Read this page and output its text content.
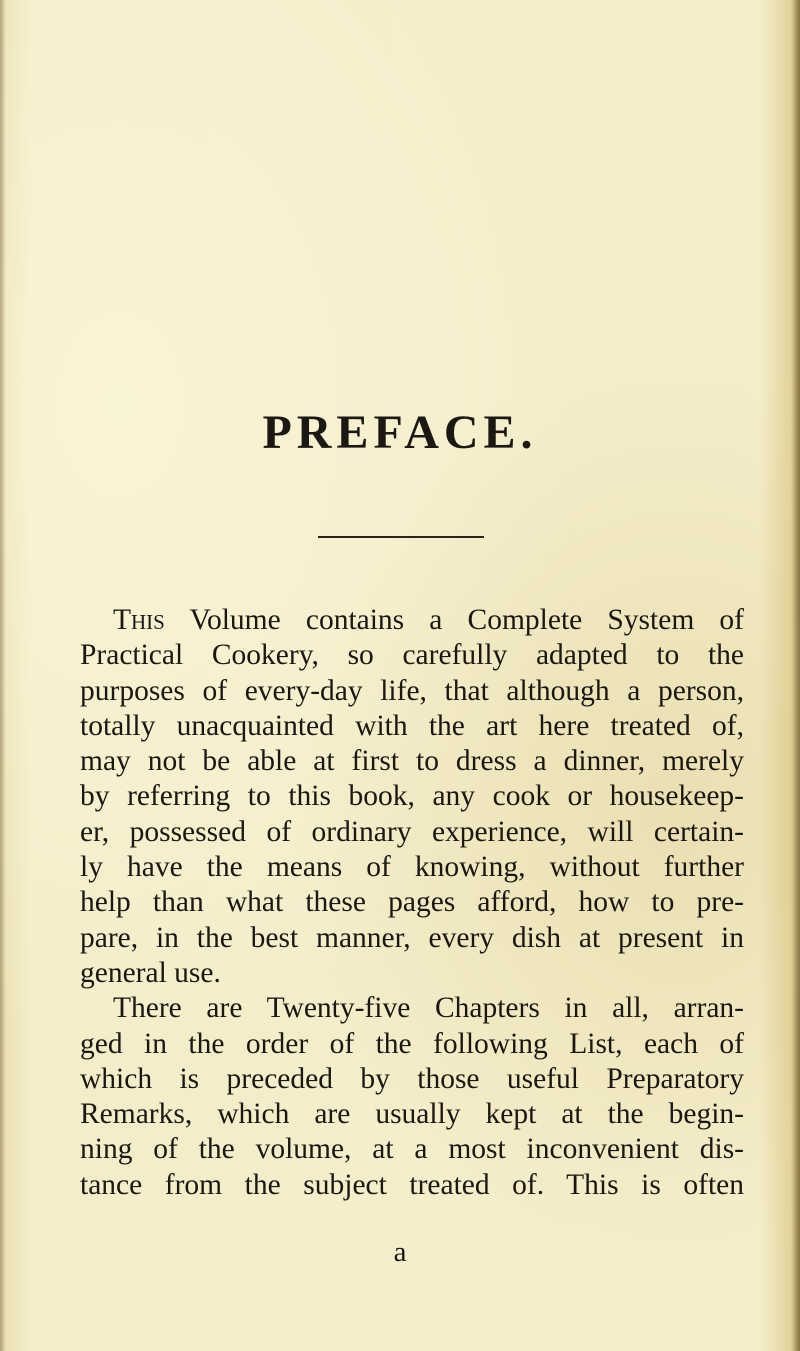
PREFACE.
This Volume contains a Complete System of
Practical Cookery, so carefully adapted to the
purposes of every-day life, that although a person,
totally unacquainted with the art here treated of,
may not be able at first to dress a dinner, merely
by referring to this book, any cook or housekeep-
er, possessed of ordinary experience, will certain-
ly have the means of knowing, without further
help than what these pages afford, how to pre-
pare, in the best manner, every dish at present in
general use.
There are Twenty-five Chapters in all, arran-
ged in the order of the following List, each of
which is preceded by those useful Preparatory
Remarks, which are usually kept at the begin-
ning of the volume, at a most inconvenient dis-
tance from the subject treated of. This is often
a
